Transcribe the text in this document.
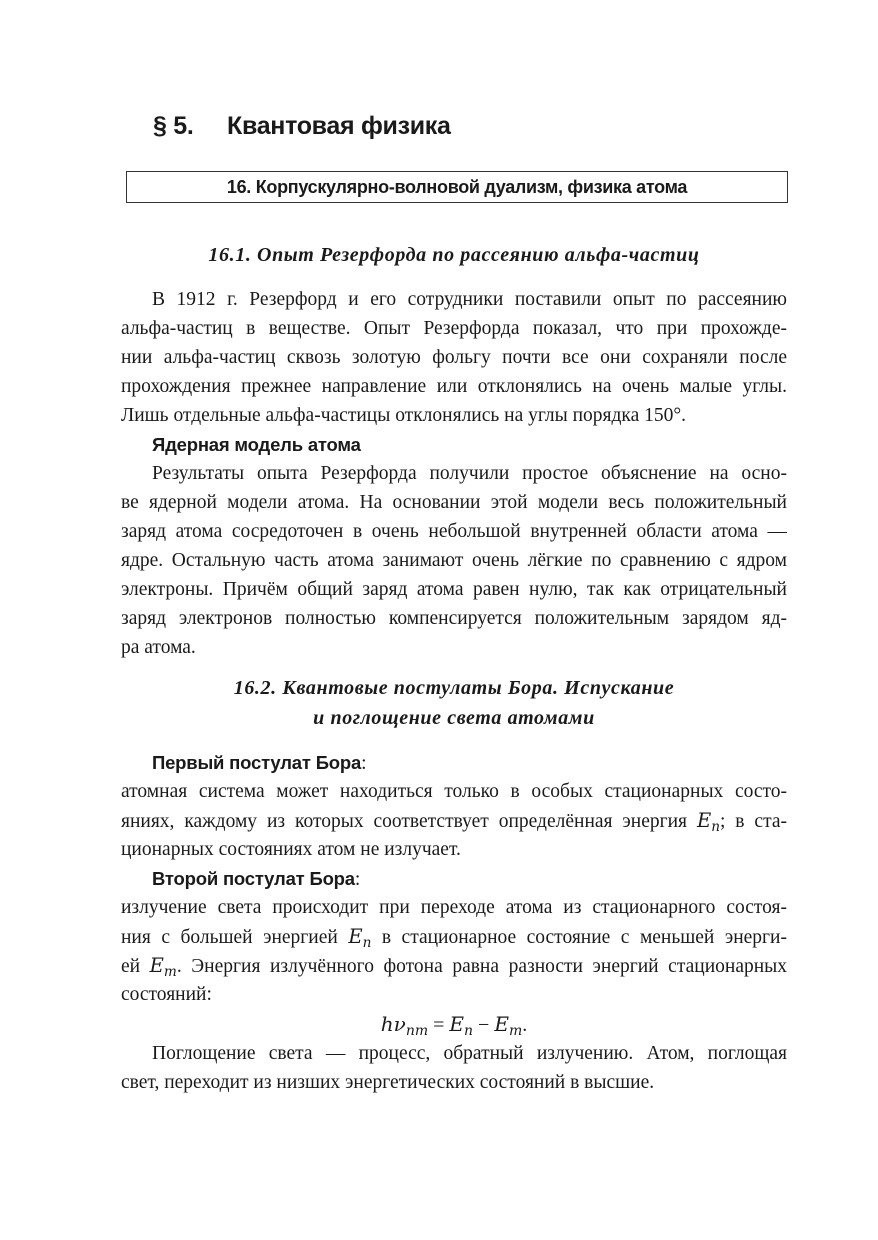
§ 5. Квантовая физика
16. Корпускулярно-волновой дуализм, физика атома
16.1. Опыт Резерфорда по рассеянию альфа-частиц
В 1912 г. Резерфорд и его сотрудники поставили опыт по рассеянию
альфа-частиц в веществе. Опыт Резерфорда показал, что при прохожде-
нии альфа-частиц сквозь золотую фольгу почти все они сохраняли после
прохождения прежнее направление или отклонялись на очень малые углы.
Лишь отдельные альфа-частицы отклонялись на углы порядка 150°.
Ядерная модель атома
Результаты опыта Резерфорда получили простое объяснение на осно-
ве ядерной модели атома. На основании этой модели весь положительный
заряд атома сосредоточен в очень небольшой внутренней области атома —
ядре. Остальную часть атома занимают очень лёгкие по сравнению с ядром
электроны. Причём общий заряд атома равен нулю, так как отрицательный
заряд электронов полностью компенсируется положительным зарядом яд-
ра атома.
16.2. Квантовые постулаты Бора. Испускание
и поглощение света атомами
Первый постулат Бора:
атомная система может находиться только в особых стационарных состо-
яниях, каждому из которых соответствует определённая энергия $E_n$; в ста-
ционарных состояниях атом не излучает.
Второй постулат Бора:
излучение света происходит при переходе атома из стационарного состоя-
ния с большей энергией $E_n$ в стационарное состояние с меньшей энерги-
ей $E_m$. Энергия излучённого фотона равна разности энергий стационарных
состояний:
$h\nu_{nm} = E_n - E_m$.
Поглощение света — процесс, обратный излучению. Атом, поглощая
свет, переходит из низших энергетических состояний в высшие.
